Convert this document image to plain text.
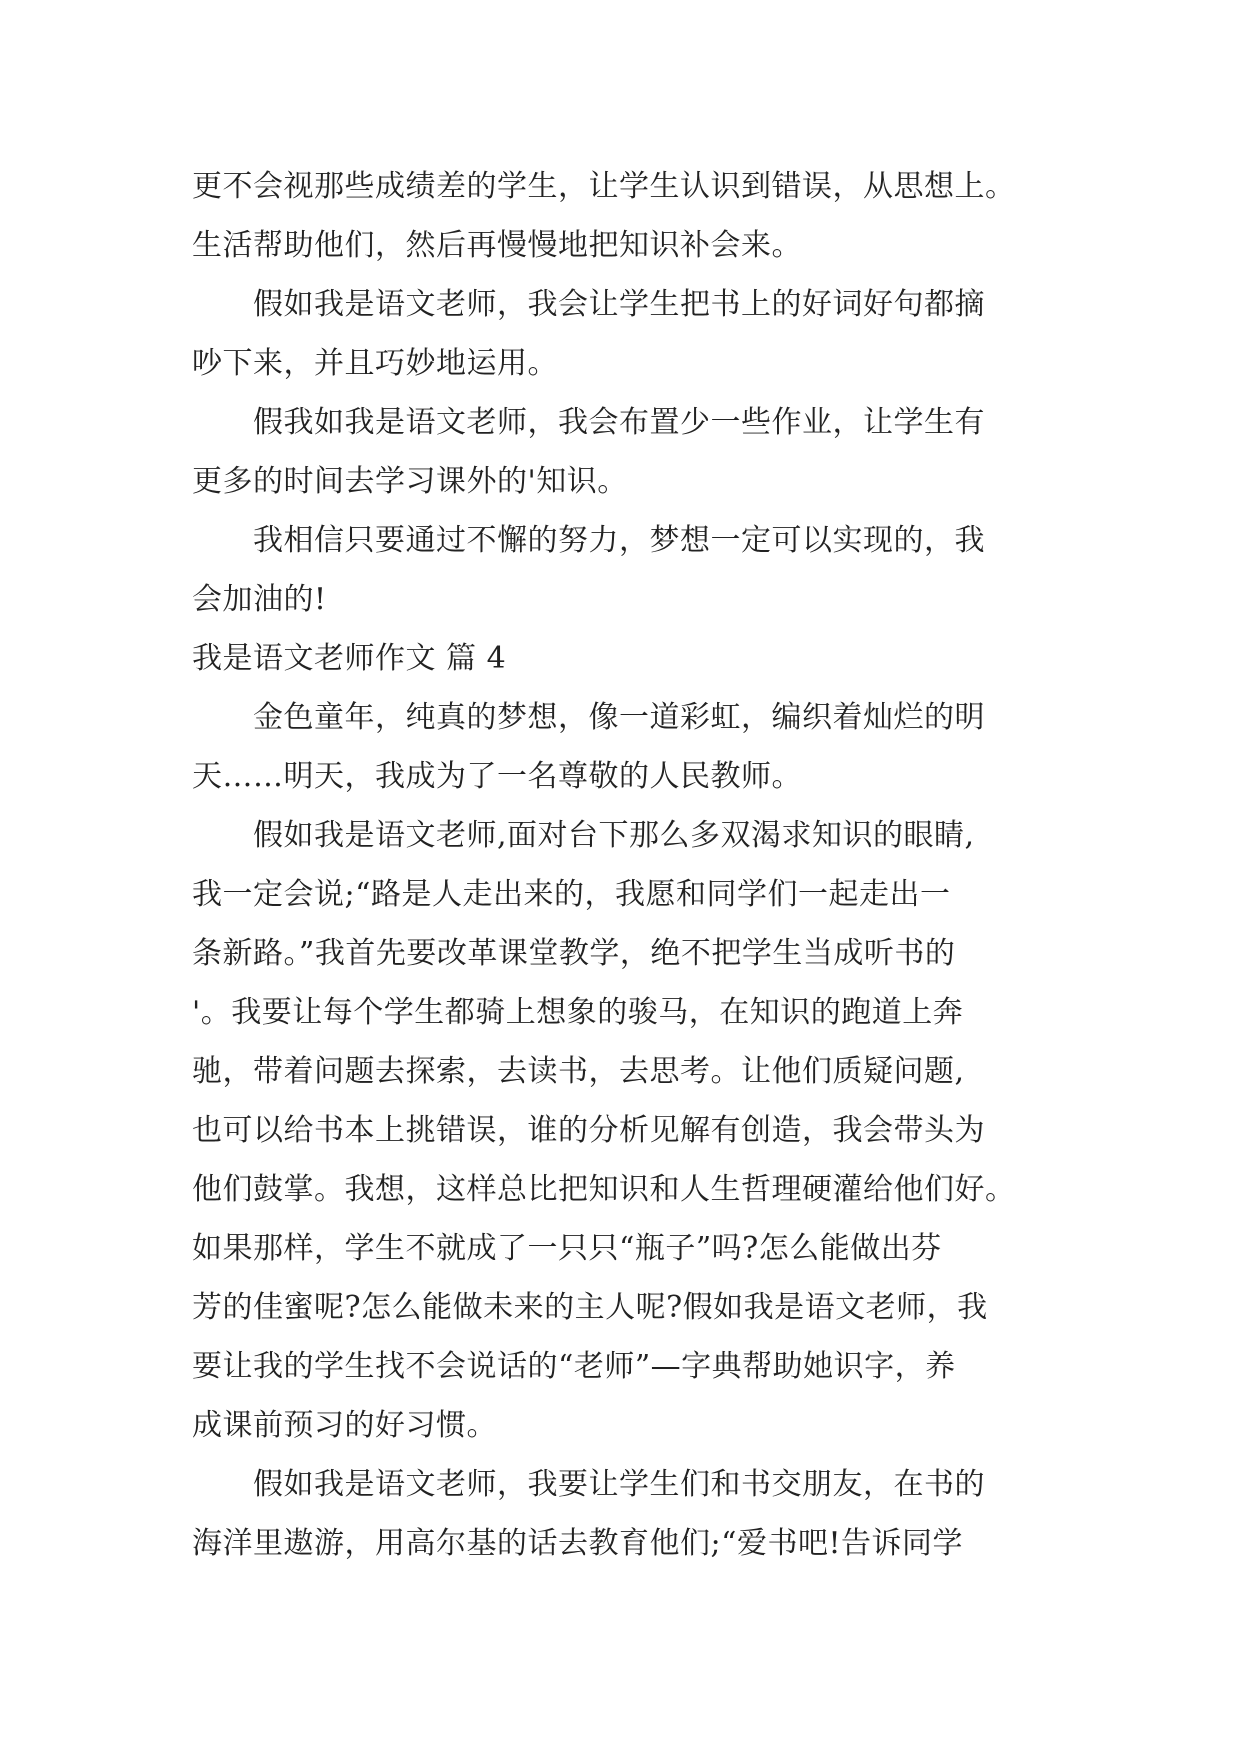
更不会视那些成绩差的学生，让学生认识到错误，从思想上。
生活帮助他们，然后再慢慢地把知识补会来。
　　假如我是语文老师，我会让学生把书上的好词好句都摘
吵下来，并且巧妙地运用。
　　假我如我是语文老师，我会布置少一些作业，让学生有
更多的时间去学习课外的'知识。
　　我相信只要通过不懈的努力，梦想一定可以实现的，我
会加油的!
我是语文老师作文 篇 4
　　金色童年，纯真的梦想，像一道彩虹，编织着灿烂的明
天……明天，我成为了一名尊敬的人民教师。
　　假如我是语文老师,面对台下那么多双渴求知识的眼睛,
我一定会说;“路是人走出来的，我愿和同学们一起走出一
条新路。”我首先要改革课堂教学，绝不把学生当成听书的
'。我要让每个学生都骑上想象的骏马，在知识的跑道上奔
驰，带着问题去探索，去读书，去思考。让他们质疑问题,
也可以给书本上挑错误，谁的分析见解有创造，我会带头为
他们鼓掌。我想，这样总比把知识和人生哲理硬灌给他们好。
如果那样，学生不就成了一只只“瓶子”吗?怎么能做出芬
芳的佳蜜呢?怎么能做未来的主人呢?假如我是语文老师，我
要让我的学生找不会说话的“老师”—字典帮助她识字，养
成课前预习的好习惯。
　　假如我是语文老师，我要让学生们和书交朋友，在书的
海洋里遨游，用高尔基的话去教育他们;“爱书吧!告诉同学
